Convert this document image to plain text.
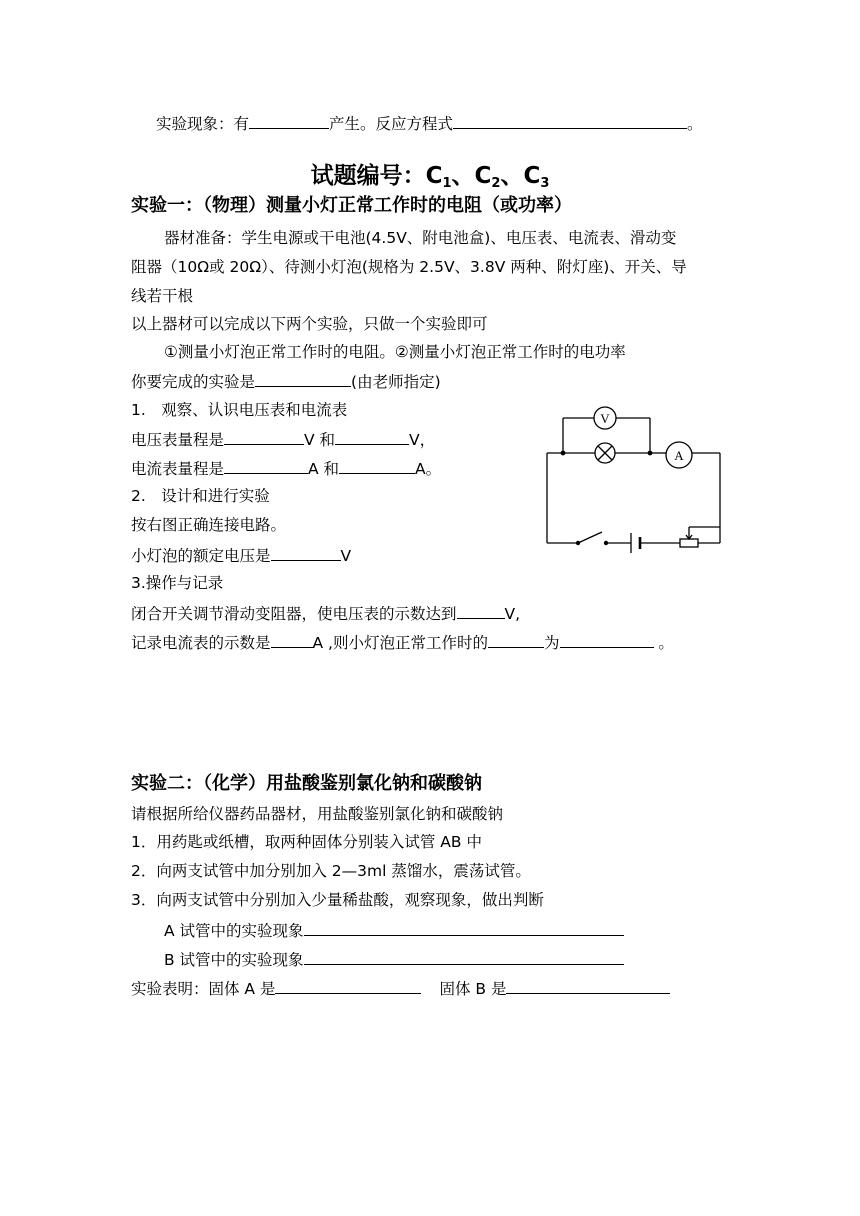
实验现象：有	产生。反应方程式	。
试题编号：$C_1$、$C_2$、$C_3$
实验一：（物理）测量小灯正常工作时的电阻（或功率）
器材准备：学生电源或干电池(4.5V、附电池盒)、电压表、电流表、滑动变
阻器（10Ω或 20Ω）、待测小灯泡(规格为 2.5V、3.8V 两种、附灯座)、开关、导
线若干根
以上器材可以完成以下两个实验，只做一个实验即可
①测量小灯泡正常工作时的电阻。②测量小灯泡正常工作时的电功率
你要完成的实验是	(由老师指定)
1.　观察、认识电压表和电流表
电压表量程是	V 和	V，
电流表量程是	A 和	A。
2.　设计和进行实验
按右图正确连接电路。
小灯泡的额定电压是	V
3.操作与记录
闭合开关调节滑动变阻器，使电压表的示数达到	V,
记录电流表的示数是	A ,则小灯泡正常工作时的	为	。
V
A
实验二：（化学）用盐酸鉴别氯化钠和碳酸钠
请根据所给仪器药品器材，用盐酸鉴别氯化钠和碳酸钠
1．用药匙或纸槽，取两种固体分别装入试管 AB 中
2．向两支试管中加分别加入 2—3ml 蒸馏水，震荡试管。
3．向两支试管中分别加入少量稀盐酸，观察现象，做出判断
A 试管中的实验现象
B 试管中的实验现象
实验表明：固体 A 是	固体 B 是
